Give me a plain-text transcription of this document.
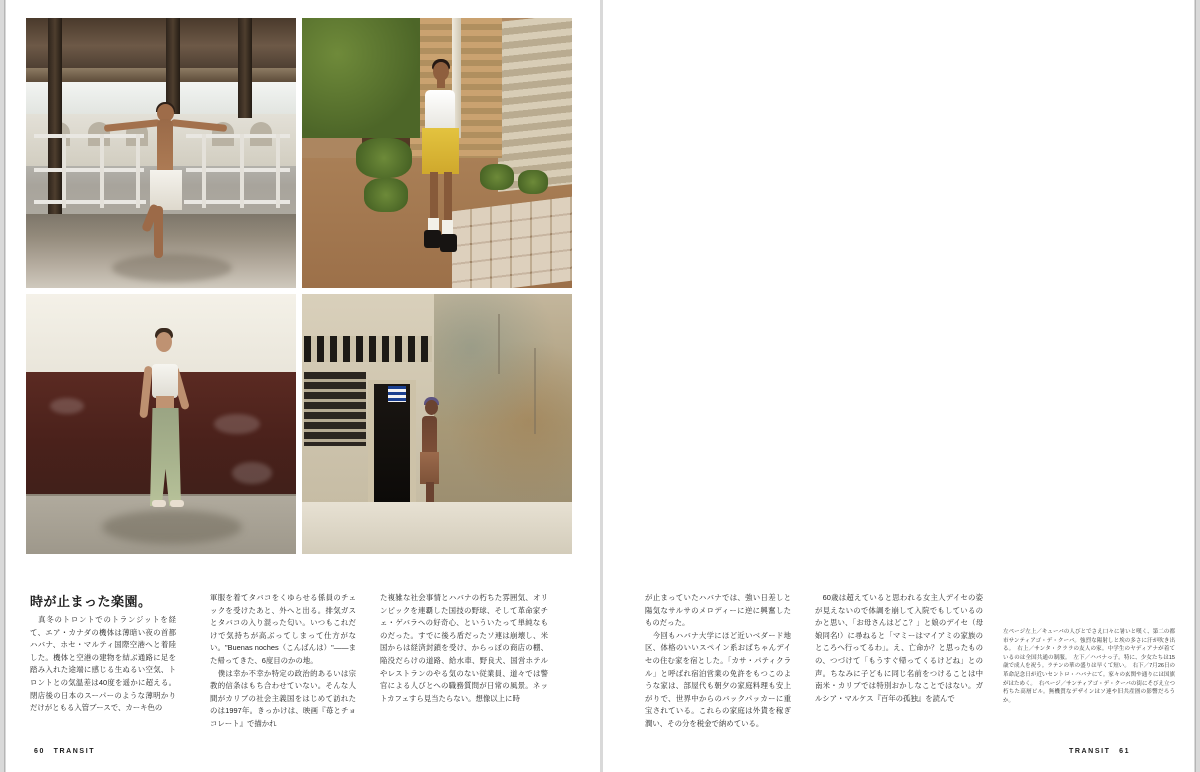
時が止まった楽園。

　真冬のトロントでのトランジットを経て、エア・カナダの機体は薄暗い夜の首都ハバナ、ホセ・マルティ国際空港へと着陸した。機体と空港の建物を結ぶ通路に足を踏み入れた途端に感じる生ぬるい空気、トロントとの気温差は40度を遥かに超える。閉店後の日本のスーパーのような薄明かりだけがともる入管ブースで、カーキ色の

軍服を着てタバコをくゆらせる係員のチェックを受けたあと、外へと出る。排気ガスとタバコの入り混った匂い。いつもこれだけで気持ちが高ぶってしまって仕方がない。"Buenas noches（こんばんは）"——また帰ってきた、6度目のかの地。

　僕は幸か不幸か特定の政治的あるいは宗教的信条はもち合わせていない。そんな人間がカリブの社会主義国をはじめて訪れたのは1997年。きっかけは、映画『苺とチョコレート』で描かれ

た複雑な社会事情とハバナの朽ちた雰囲気、オリンピックを連覇した国技の野球、そして革命家チェ・ゲバラへの好奇心、といういたって単純なものだった。すでに後ろ盾だったソ連は崩壊し、米国からは経済封鎖を受け、からっぽの商店の棚、陥没だらけの道路、給水車、野良犬、国営ホテルやレストランのやる気のない従業員、道々では警官による人びとへの職務質問が日常の風景。ネットカフェすら見当たらない。想像以上に時

60　TRANSIT

が止まっていたハバナでは、強い日差しと陽気なサルサのメロディーに逆に興奮したものだった。

　今回もハバナ大学にほど近いベダード地区、体格のいいスペイン系おばちゃんデイセの住む家を宿とした。「カサ・パティクラル」と呼ばれ宿泊営業の免許をもつこのような家は、部屋代も朝夕の家庭料理も安上がりで、世界中からのバックパッカーに重宝されている。これらの家庭は外貨を稼ぎ潤い、その分を税金で納めている。

　60歳は超えていると思われる女主人デイセの姿が見えないので体調を崩して入院でもしているのかと思い、「お母さんはどこ？」と娘のデイセ（母娘同名!）に尋ねると「マミーはマイアミの家族のところへ行ってるわ」。え、亡命か？と思ったものの、つづけて「もうすぐ帰ってくるけどね」との声。ちなみに子どもに同じ名前をつけることは中南米・カリブでは特別おかしなことではない。ガルシア・マルケス『百年の孤独』を読んで

左ページ左上／キューバの人びとでさえ口々に暑いと嘆く、第二の都市サンティアゴ・デ・クーバ。強烈な陽射しと埃の多さに汗が吹き出る。　右上／サンタ・クララの友人の家。中学生のヤディアナが着ているのは全国共通の制服。　左下／ハバナっ子。特に、少女たちは15歳で成人を祝う。ラテンの華の盛りは早くて短い。　右下／7月26日の革命記念日が近いセントロ・ハバナにて。家々の玄関や通りには国旗がはためく。　右ページ／サンティアゴ・デ・クーバの街にそびえ立つ朽ちた高層ビル。無機質なデザインはソ連や旧共産圏の影響だろうか。
TRANSIT　61
